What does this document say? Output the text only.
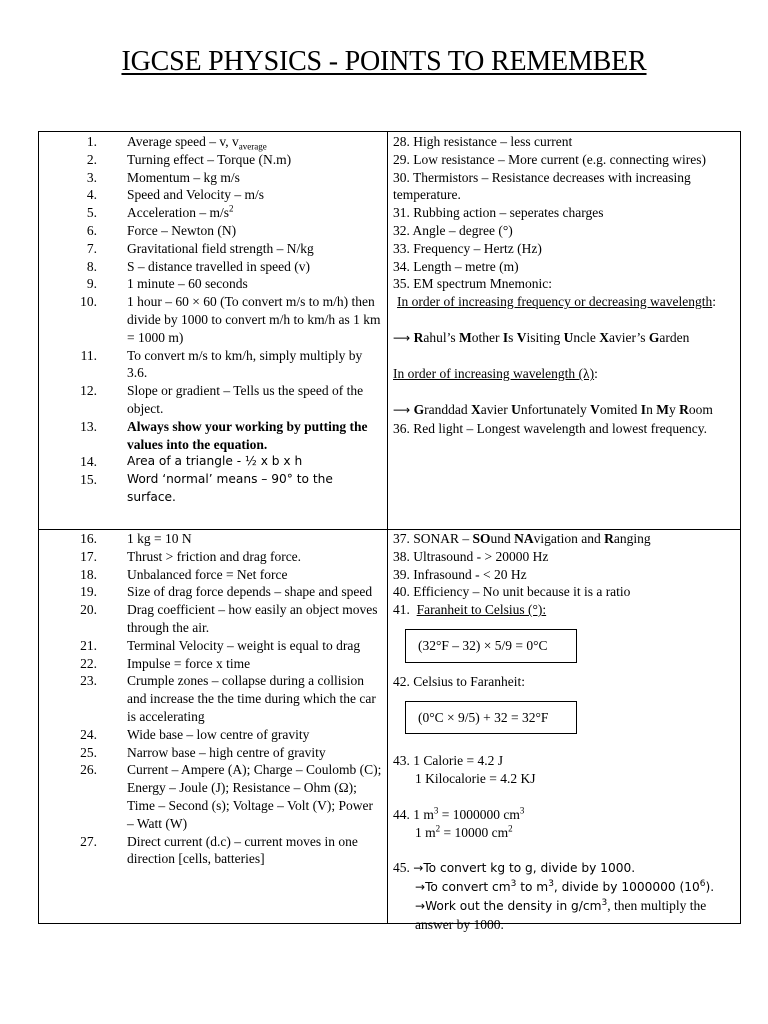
IGCSE PHYSICS - POINTS TO REMEMBER
1.	Average speed – v, $v_{average}$
2.	Turning effect – Torque (N.m)
3.	Momentum – kg m/s
4.	Speed and Velocity – m/s
5.	Acceleration – $m/s^2$
6.	Force – Newton (N)
7.	Gravitational field strength – N/kg
8.	S – distance travelled in speed (v)
9.	1 minute – 60 seconds
10.	1 hour – 60 × 60 (To convert m/s to m/h) then divide by 1000 to convert m/h to km/h as 1 km = 1000 m)
11.	To convert m/s to km/h, simply multiply by 3.6.
12.	Slope or gradient – Tells us the speed of the object.
13.	Always show your working by putting the values into the equation.
14.	Area of a triangle - ½ x b x h
15.	Word ‘normal’ means – 90° to the surface.
16.	1 kg = 10 N
17.	Thrust > friction and drag force.
18.	Unbalanced force = Net force
19.	Size of drag force depends – shape and speed
20.	Drag coefficient – how easily an object moves through the air.
21.	Terminal Velocity – weight is equal to drag
22.	Impulse = force x time
23.	Crumple zones – collapse during a collision and increase the the time during which the car is accelerating
24.	Wide base – low centre of gravity
25.	Narrow base – high centre of gravity
26.	Current – Ampere (A); Charge – Coulomb (C); Energy – Joule (J); Resistance – Ohm (Ω); Time – Second (s); Voltage – Volt (V); Power – Watt (W)
27.	Direct current (d.c) – current moves in one direction [cells, batteries]
28. High resistance – less current
29. Low resistance – More current (e.g. connecting wires)
30. Thermistors – Resistance decreases with increasing temperature.
31. Rubbing action – seperates charges
32. Angle – degree (°)
33. Frequency – Hertz (Hz)
34. Length – metre (m)
35. EM spectrum Mnemonic:
In order of increasing frequency or decreasing wavelength:
⟶ Rahul’s Mother Is Visiting Uncle Xavier’s Garden
In order of increasing wavelength (λ):
⟶ Granddad Xavier Unfortunately Vomited In My Room
36. Red light – Longest wavelength and lowest frequency.
37. SONAR – SOund NAvigation and Ranging
38. Ultrasound - > 20000 Hz
39. Infrasound - < 20 Hz
40. Efficiency – No unit because it is a ratio
41.  Faranheit to Celsius (°):
(32°F – 32) × 5/9 = 0°C
42. Celsius to Faranheit:
(0°C × 9/5) + 32 = 32°F
43. 1 Calorie = 4.2 J
1 Kilocalorie = 4.2 KJ
44. 1 $m^3 = 1000000$ $cm^3$
1 $m^2 = 10000$ $cm^2$
45. →To convert kg to g, divide by 1000.
→To convert $cm^3$ to $m^3$, divide by 1000000 $(10^6)$.
→Work out the density in $g/cm^3$, then multiply the answer by 1000.
